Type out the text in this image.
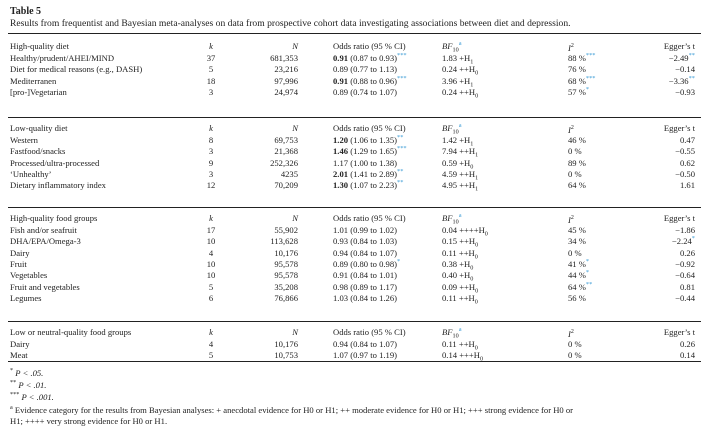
Table 5
Results from frequentist and Bayesian meta-analyses on data from prospective cohort data investigating associations between diet and depression.
High-quality diet	k	N	Odds ratio (95 % CI)	$BF_{10}^a$	$I^2$	Egger’s t
Healthy/prudent/AHEI/MIND	37	681,353	0.91 (0.87 to 0.93)***	$1.83 +H_1$	88 %***	−2.49**
Diet for medical reasons (e.g., DASH)	5	23,216	0.89 (0.77 to 1.13)	$0.24 ++H_0$	76 %	−0.14
Mediterranen	18	97,996	0.91 (0.88 to 0.96)***	$3.96 +H_1$	68 %***	−3.36**
[pro-]Vegetarian	3	24,974	0.89 (0.74 to 1.07)	$0.24 ++H_0$	57 %*	−0.93
Low-quality diet	k	N	Odds ratio (95 % CI)	$BF_{10}^a$	$I^2$	Egger’s t
Western	8	69,753	1.20 (1.06 to 1.35)**	$1.42 +H_1$	46 %	0.47
Fastfood/snacks	3	21,368	1.46 (1.29 to 1.65)***	$7.94 ++H_1$	0 %	−0.55
Processed/ultra-processed	9	252,326	1.17 (1.00 to 1.38)	$0.59 +H_0$	89 %	0.62
‘Unhealthy’	3	4235	2.01 (1.41 to 2.89)**	$4.59 ++H_1$	0 %	−0.50
Dietary inflammatory index	12	70,209	1.30 (1.07 to 2.23)**	$4.95 ++H_1$	64 %	1.61
High-quality food groups	k	N	Odds ratio (95 % CI)	$BF_{10}^a$	$I^2$	Egger’s t
Fish and/or seafruit	17	55,902	1.01 (0.99 to 1.02)	$0.04 ++++H_0$	45 %	−1.86
DHA/EPA/Omega-3	10	113,628	0.93 (0.84 to 1.03)	$0.15 ++H_0$	34 %	−2.24*
Dairy	4	10,176	0.94 (0.84 to 1.07)	$0.11 ++H_0$	0 %	0.26
Fruit	10	95,578	0.89 (0.80 to 0.98)*	$0.38 +H_0$	41 %*	−0.92
Vegetables	10	95,578	0.91 (0.84 to 1.01)	$0.40 +H_0$	44 %*	−0.64
Fruit and vegetables	5	35,208	0.98 (0.89 to 1.17)	$0.09 ++H_0$	64 %**	0.81
Legumes	6	76,866	1.03 (0.84 to 1.26)	$0.11 ++H_0$	56 %	−0.44
Low or neutral-quality food groups	k	N	Odds ratio (95 % CI)	$BF_{10}^a$	$I^2$	Egger’s t
Dairy	4	10,176	0.94 (0.84 to 1.07)	$0.11 ++H_0$	0 %	0.26
Meat	5	10,753	1.07 (0.97 to 1.19)	$0.14 +++H_0$	0 %	0.14
* P < .05.
** P < .01.
*** P < .001.
$^a$ Evidence category for the results from Bayesian analyses: + anecdotal evidence for H0 or H1; ++ moderate evidence for H0 or H1; +++ strong evidence for H0 or
H1; ++++ very strong evidence for H0 or H1.
